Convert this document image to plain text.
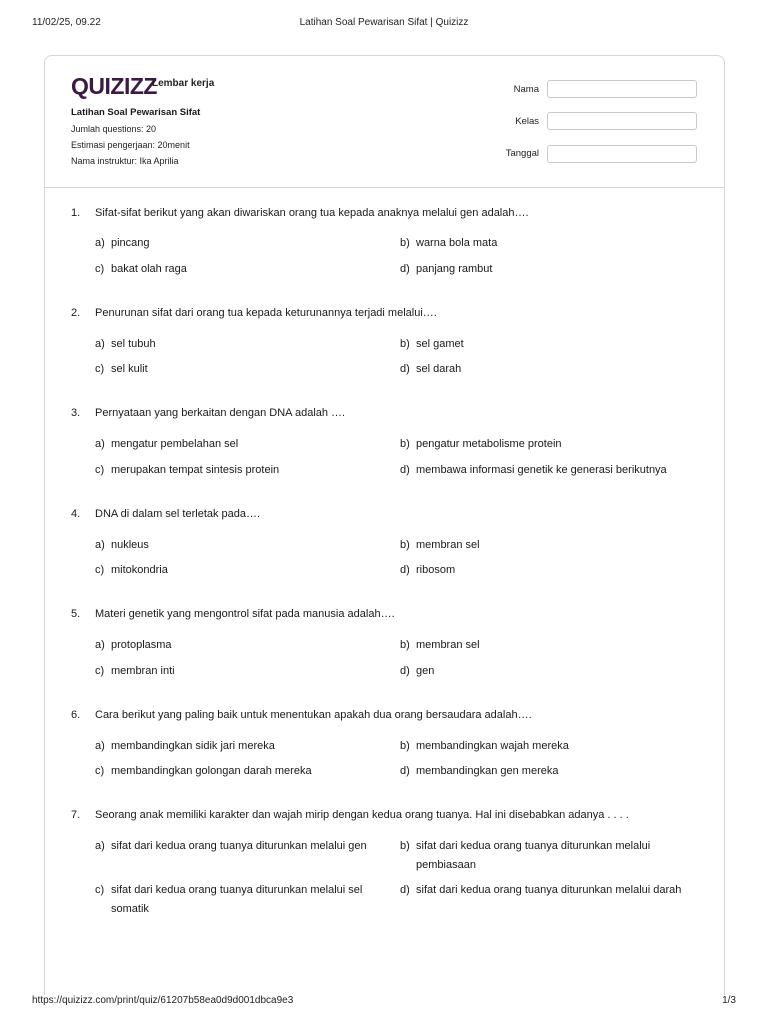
11/02/25, 09.22	Latihan Soal Pewarisan Sifat | Quizizz
QUIZIZZ
Lembar kerja
Latihan Soal Pewarisan Sifat
Jumlah questions: 20
Estimasi pengerjaan: 20menit
Nama instruktur: Ika Aprilia
Nama
Kelas
Tanggal
1. Sifat-sifat berikut yang akan diwariskan orang tua kepada anaknya melalui gen adalah….
a) pincang	b) warna bola mata
c) bakat olah raga	d) panjang rambut
2. Penurunan sifat dari orang tua kepada keturunannya terjadi melalui….
a) sel tubuh	b) sel gamet
c) sel kulit	d) sel darah
3. Pernyataan yang berkaitan dengan DNA adalah ….
a) mengatur pembelahan sel	b) pengatur metabolisme protein
c) merupakan tempat sintesis protein	d) membawa informasi genetik ke generasi berikutnya
4. DNA di dalam sel terletak pada….
a) nukleus	b) membran sel
c) mitokondria	d) ribosom
5. Materi genetik yang mengontrol sifat pada manusia adalah….
a) protoplasma	b) membran sel
c) membran inti	d) gen
6. Cara berikut yang paling baik untuk menentukan apakah dua orang bersaudara adalah….
a) membandingkan sidik jari mereka	b) membandingkan wajah mereka
c) membandingkan golongan darah mereka	d) membandingkan gen mereka
7. Seorang anak memiliki karakter dan wajah mirip dengan kedua orang tuanya. Hal ini disebabkan adanya . . . .
a) sifat dari kedua orang tuanya diturunkan melalui gen	b) sifat dari kedua orang tuanya diturunkan melalui pembiasaan
c) sifat dari kedua orang tuanya diturunkan melalui sel somatik
d) sifat dari kedua orang tuanya diturunkan melalui darah
https://quizizz.com/print/quiz/61207b58ea0d9d001dbca9e3	1/3
